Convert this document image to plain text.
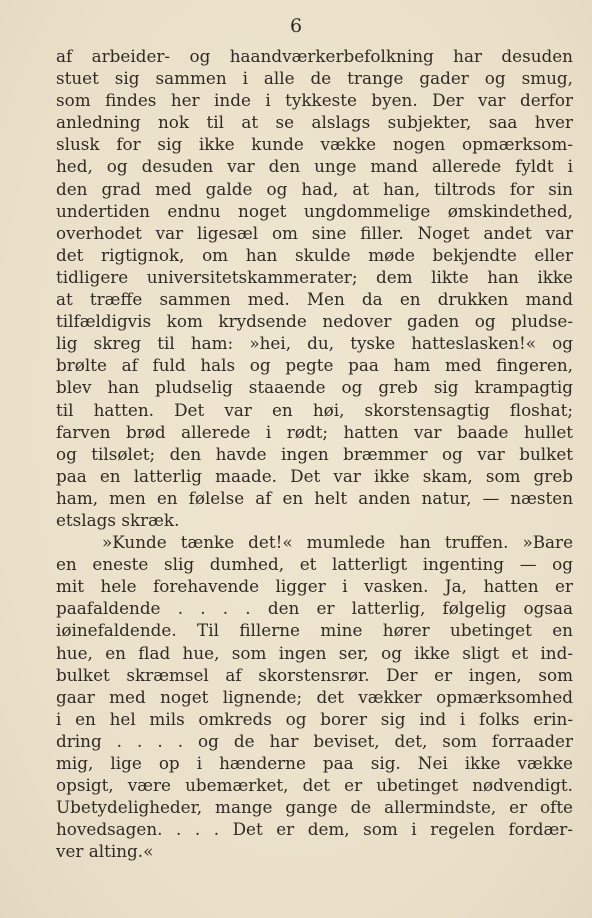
6
af arbeider- og haandværkerbefolkning har desuden
stuet sig sammen i alle de trange gader og smug,
som findes her inde i tykkeste byen. Der var derfor
anledning nok til at se alslags subjekter, saa hver
slusk for sig ikke kunde vække nogen opmærksom-
hed, og desuden var den unge mand allerede fyldt i
den grad med galde og had, at han, tiltrods for sin
undertiden endnu noget ungdommelige ømskindethed,
overhodet var ligesæl om sine filler. Noget andet var
det rigtignok, om han skulde møde bekjendte eller
tidligere universitetskammerater; dem likte han ikke
at træffe sammen med. Men da en drukken mand
tilfældigvis kom krydsende nedover gaden og pludse-
lig skreg til ham: »hei, du, tyske hatteslasken!« og
brølte af fuld hals og pegte paa ham med fingeren,
blev han pludselig staaende og greb sig krampagtig
til hatten. Det var en høi, skorstensagtig floshat;
farven brød allerede i rødt; hatten var baade hullet
og tilsølet; den havde ingen bræmmer og var bulket
paa en latterlig maade. Det var ikke skam, som greb
ham, men en følelse af en helt anden natur, — næsten
etslags skræk.
»Kunde tænke det!« mumlede han truffen. »Bare
en eneste slig dumhed, et latterligt ingenting — og
mit hele forehavende ligger i vasken. Ja, hatten er
paafaldende . . . . den er latterlig, følgelig ogsaa
iøinefaldende. Til fillerne mine hører ubetinget en
hue, en flad hue, som ingen ser, og ikke sligt et ind-
bulket skræmsel af skorstensrør. Der er ingen, som
gaar med noget lignende; det vækker opmærksomhed
i en hel mils omkreds og borer sig ind i folks erin-
dring . . . . og de har beviset, det, som forraader
mig, lige op i hænderne paa sig. Nei ikke vække
opsigt, være ubemærket, det er ubetinget nødvendigt.
Ubetydeligheder, mange gange de allermindste, er ofte
hovedsagen. . . . Det er dem, som i regelen fordær-
ver alting.«
